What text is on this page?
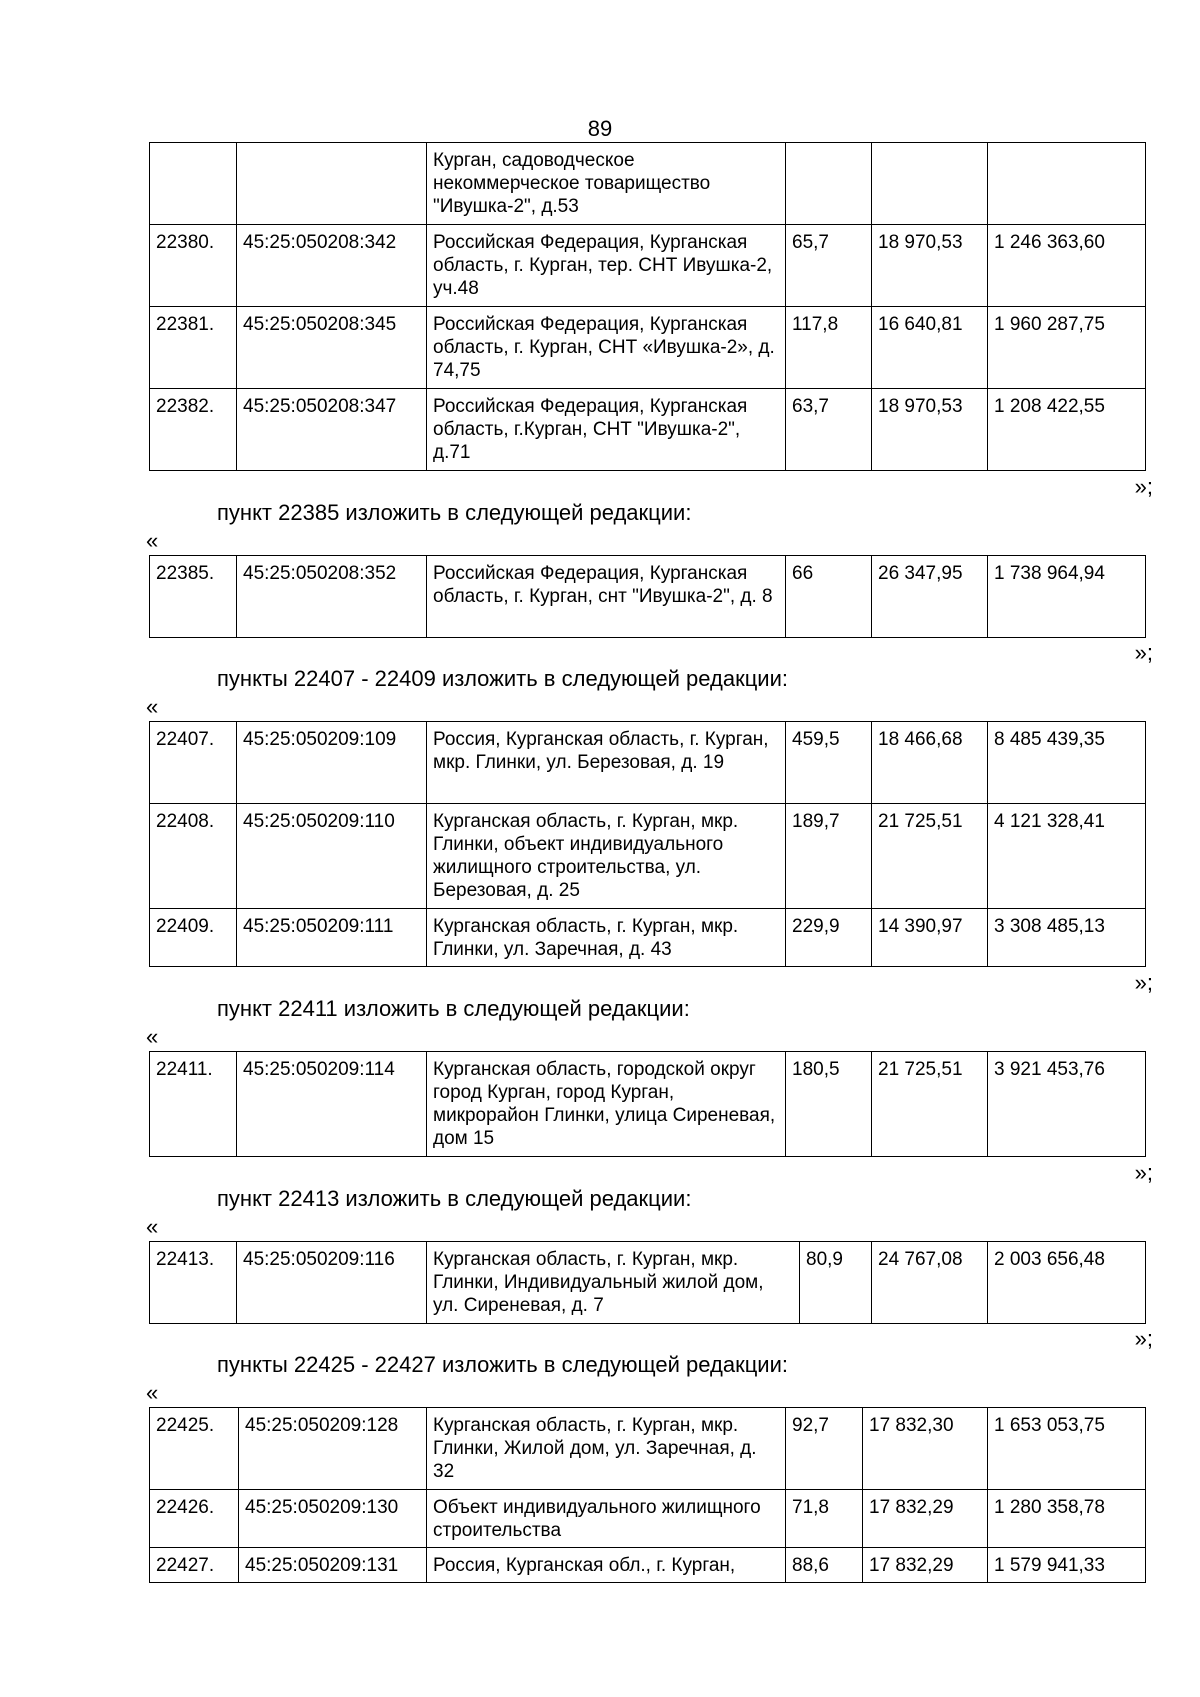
89
		Курган, садоводческое некоммерческое товарищество "Ивушка-2", д.53			
22380.	45:25:050208:342	Российская Федерация, Курганская область, г. Курган, тер. СНТ Ивушка-2, уч.48	65,7	18 970,53	1 246 363,60
22381.	45:25:050208:345	Российская Федерация, Курганская область, г. Курган, СНТ «Ивушка-2», д. 74,75	117,8	16 640,81	1 960 287,75
22382.	45:25:050208:347	Российская Федерация, Курганская область, г.Курган, СНТ "Ивушка-2", д.71	63,7	18 970,53	1 208 422,55
»;
пункт 22385 изложить в следующей редакции:
«
22385.	45:25:050208:352	Российская Федерация, Курганская область, г. Курган, снт "Ивушка-2", д. 8	66	26 347,95	1 738 964,94
»;
пункты 22407 - 22409 изложить в следующей редакции:
«
22407.	45:25:050209:109	Россия, Курганская область, г. Курган, мкр. Глинки, ул. Березовая, д. 19	459,5	18 466,68	8 485 439,35
22408.	45:25:050209:110	Курганская область, г. Курган, мкр. Глинки, объект индивидуального жилищного строительства, ул. Березовая, д. 25	189,7	21 725,51	4 121 328,41
22409.	45:25:050209:111	Курганская область, г. Курган, мкр. Глинки, ул. Заречная, д. 43	229,9	14 390,97	3 308 485,13
»;
пункт 22411 изложить в следующей редакции:
«
22411.	45:25:050209:114	Курганская область, городской округ город Курган, город Курган, микрорайон Глинки, улица Сиреневая, дом 15	180,5	21 725,51	3 921 453,76
»;
пункт 22413 изложить в следующей редакции:
«
22413.	45:25:050209:116	Курганская область, г. Курган, мкр. Глинки, Индивидуальный жилой дом, ул. Сиреневая, д. 7	80,9	24 767,08	2 003 656,48
»;
пункты 22425 - 22427 изложить в следующей редакции:
«
22425.	45:25:050209:128	Курганская область, г. Курган, мкр. Глинки, Жилой дом, ул. Заречная, д. 32	92,7	17 832,30	1 653 053,75
22426.	45:25:050209:130	Объект индивидуального жилищного строительства	71,8	17 832,29	1 280 358,78
22427.	45:25:050209:131	Россия, Курганская обл., г. Курган,	88,6	17 832,29	1 579 941,33
